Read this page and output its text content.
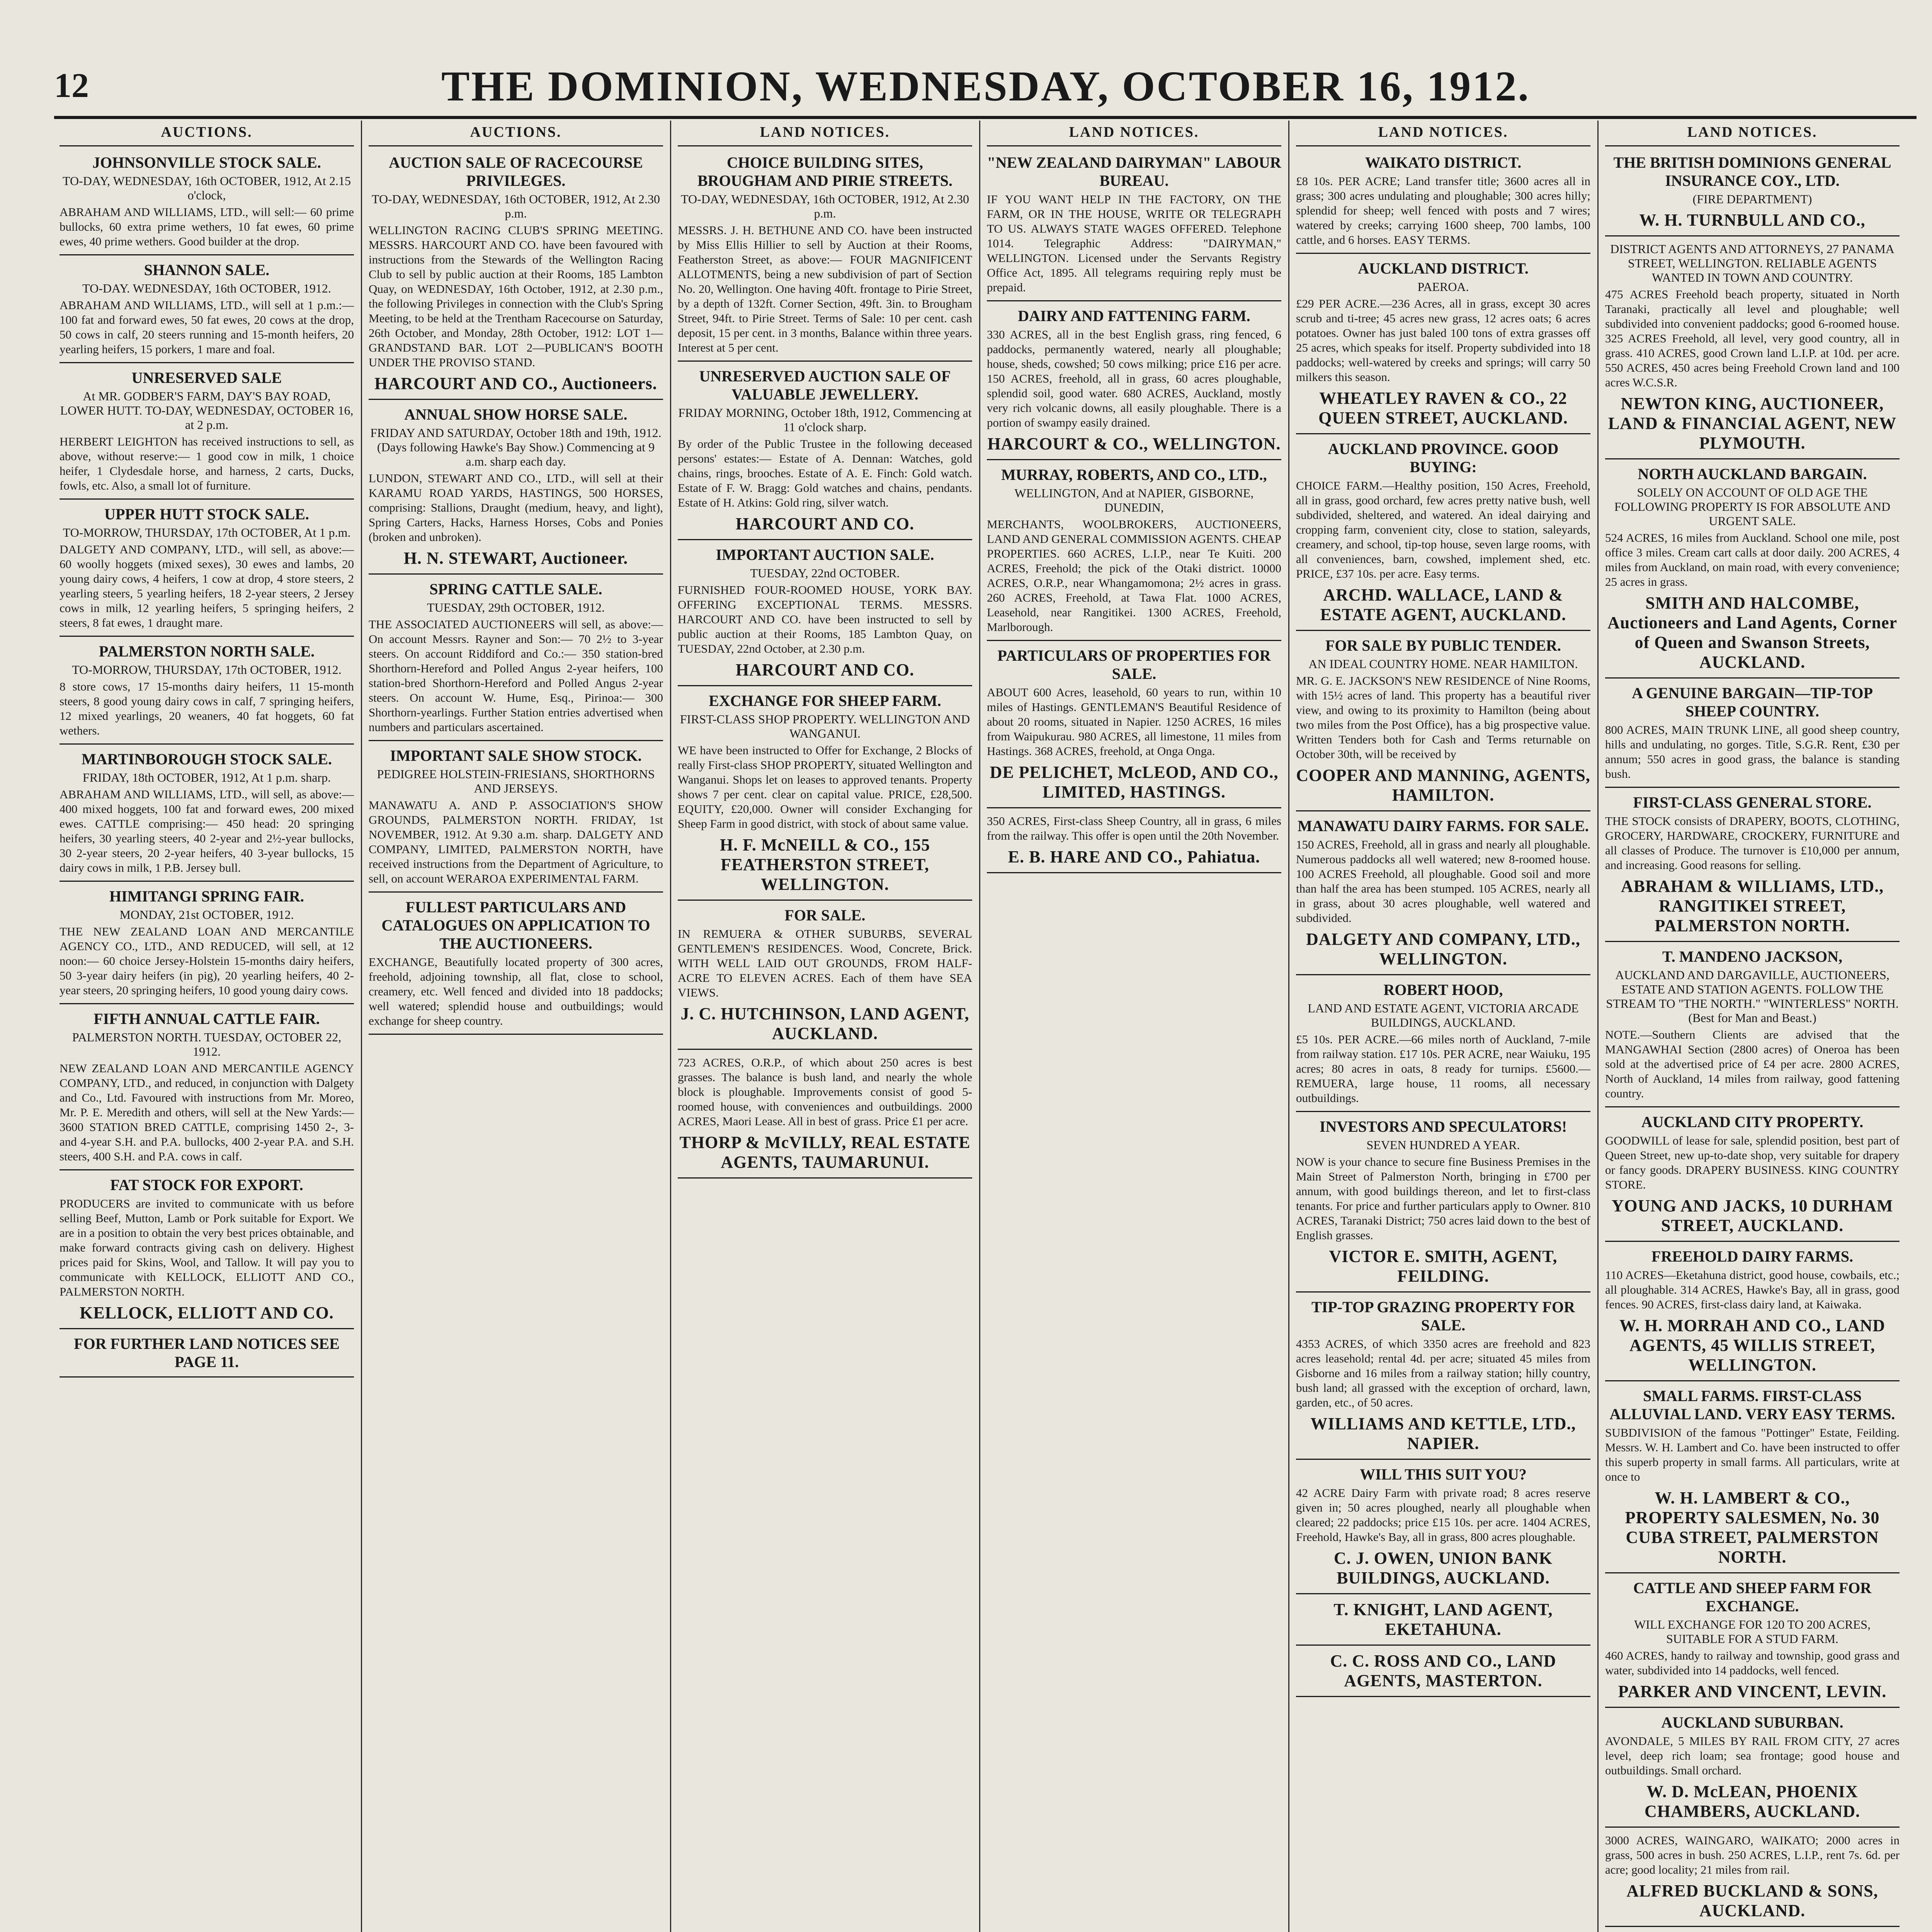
12	THE DOMINION, WEDNESDAY, OCTOBER 16, 1912.
AUCTIONS.
JOHNSONVILLE STOCK SALE.
TO-DAY, WEDNESDAY, 16th OCTOBER, 1912, At 2.15 o'clock,
ABRAHAM AND WILLIAMS, LTD., will sell:— 60 prime bullocks, 60 extra prime wethers, 10 fat ewes, 60 prime ewes, 40 prime wethers. Good builder at the drop.
SHANNON SALE.
TO-DAY. WEDNESDAY, 16th OCTOBER, 1912.
ABRAHAM AND WILLIAMS, LTD., will sell at 1 p.m.:— 100 fat and forward ewes, 50 fat ewes, 20 cows at the drop, 50 cows in calf, 20 steers running and 15-month heifers, 20 yearling heifers, 15 porkers, 1 mare and foal.
UNRESERVED SALE
At MR. GODBER'S FARM, DAY'S BAY ROAD, LOWER HUTT. TO-DAY, WEDNESDAY, OCTOBER 16, at 2 p.m.
HERBERT LEIGHTON has received instructions to sell, as above, without reserve:— 1 good cow in milk, 1 choice heifer, 1 Clydesdale horse, and harness, 2 carts, Ducks, fowls, etc. Also, a small lot of furniture.
UPPER HUTT STOCK SALE.
TO-MORROW, THURSDAY, 17th OCTOBER, At 1 p.m.
DALGETY AND COMPANY, LTD., will sell, as above:— 60 woolly hoggets (mixed sexes), 30 ewes and lambs, 20 young dairy cows, 4 heifers, 1 cow at drop, 4 store steers, 2 yearling steers, 5 yearling heifers, 18 2-year steers, 2 Jersey cows in milk, 12 yearling heifers, 5 springing heifers, 2 steers, 8 fat ewes, 1 draught mare.
PALMERSTON NORTH SALE.
TO-MORROW, THURSDAY, 17th OCTOBER, 1912.
8 store cows, 17 15-months dairy heifers, 11 15-month steers, 8 good young dairy cows in calf, 7 springing heifers, 12 mixed yearlings, 20 weaners, 40 fat hoggets, 60 fat wethers.
MARTINBOROUGH STOCK SALE.
FRIDAY, 18th OCTOBER, 1912, At 1 p.m. sharp.
ABRAHAM AND WILLIAMS, LTD., will sell, as above:— 400 mixed hoggets, 100 fat and forward ewes, 200 mixed ewes. CATTLE comprising:— 450 head: 20 springing heifers, 30 yearling steers, 40 2-year and 2½-year bullocks, 30 2-year steers, 20 2-year heifers, 40 3-year bullocks, 15 dairy cows in milk, 1 P.B. Jersey bull.
HIMITANGI SPRING FAIR.
MONDAY, 21st OCTOBER, 1912.
THE NEW ZEALAND LOAN AND MERCANTILE AGENCY CO., LTD., AND REDUCED, will sell, at 12 noon:— 60 choice Jersey-Holstein 15-months dairy heifers, 50 3-year dairy heifers (in pig), 20 yearling heifers, 40 2-year steers, 20 springing heifers, 10 good young dairy cows.
FIFTH ANNUAL CATTLE FAIR.
PALMERSTON NORTH. TUESDAY, OCTOBER 22, 1912.
NEW ZEALAND LOAN AND MERCANTILE AGENCY COMPANY, LTD., and reduced, in conjunction with Dalgety and Co., Ltd. Favoured with instructions from Mr. Moreo, Mr. P. E. Meredith and others, will sell at the New Yards:— 3600 STATION BRED CATTLE, comprising 1450 2-, 3- and 4-year S.H. and P.A. bullocks, 400 2-year P.A. and S.H. steers, 400 S.H. and P.A. cows in calf.
FAT STOCK FOR EXPORT.
PRODUCERS are invited to communicate with us before selling Beef, Mutton, Lamb or Pork suitable for Export. We are in a position to obtain the very best prices obtainable, and make forward contracts giving cash on delivery. Highest prices paid for Skins, Wool, and Tallow. It will pay you to communicate with KELLOCK, ELLIOTT AND CO., PALMERSTON NORTH.
KELLOCK, ELLIOTT AND CO.
FOR FURTHER LAND NOTICES SEE PAGE 11.
AUCTIONS.
AUCTION SALE OF RACECOURSE PRIVILEGES.
TO-DAY, WEDNESDAY, 16th OCTOBER, 1912, At 2.30 p.m.
WELLINGTON RACING CLUB'S SPRING MEETING. MESSRS. HARCOURT AND CO. have been favoured with instructions from the Stewards of the Wellington Racing Club to sell by public auction at their Rooms, 185 Lambton Quay, on WEDNESDAY, 16th October, 1912, at 2.30 p.m., the following Privileges in connection with the Club's Spring Meeting, to be held at the Trentham Racecourse on Saturday, 26th October, and Monday, 28th October, 1912: LOT 1—GRANDSTAND BAR. LOT 2—PUBLICAN'S BOOTH UNDER THE PROVISO STAND.
HARCOURT AND CO., Auctioneers.
ANNUAL SHOW HORSE SALE.
FRIDAY AND SATURDAY, October 18th and 19th, 1912. (Days following Hawke's Bay Show.) Commencing at 9 a.m. sharp each day.
LUNDON, STEWART AND CO., LTD., will sell at their KARAMU ROAD YARDS, HASTINGS, 500 HORSES, comprising: Stallions, Draught (medium, heavy, and light), Spring Carters, Hacks, Harness Horses, Cobs and Ponies (broken and unbroken).
H. N. STEWART, Auctioneer.
SPRING CATTLE SALE.
TUESDAY, 29th OCTOBER, 1912.
THE ASSOCIATED AUCTIONEERS will sell, as above:— On account Messrs. Rayner and Son:— 70 2½ to 3-year steers. On account Riddiford and Co.:— 350 station-bred Shorthorn-Hereford and Polled Angus 2-year heifers, 100 station-bred Shorthorn-Hereford and Polled Angus 2-year steers. On account W. Hume, Esq., Pirinoa:— 300 Shorthorn-yearlings. Further Station entries advertised when numbers and particulars ascertained.
IMPORTANT SALE SHOW STOCK.
PEDIGREE HOLSTEIN-FRIESIANS, SHORTHORNS AND JERSEYS.
MANAWATU A. AND P. ASSOCIATION'S SHOW GROUNDS, PALMERSTON NORTH. FRIDAY, 1st NOVEMBER, 1912. At 9.30 a.m. sharp. DALGETY AND COMPANY, LIMITED, PALMERSTON NORTH, have received instructions from the Department of Agriculture, to sell, on account WERAROA EXPERIMENTAL FARM.
FULLEST PARTICULARS AND CATALOGUES ON APPLICATION TO THE AUCTIONEERS.
EXCHANGE, Beautifully located property of 300 acres, freehold, adjoining township, all flat, close to school, creamery, etc. Well fenced and divided into 18 paddocks; well watered; splendid house and outbuildings; would exchange for sheep country.
LAND NOTICES.
CHOICE BUILDING SITES, BROUGHAM AND PIRIE STREETS.
TO-DAY, WEDNESDAY, 16th OCTOBER, 1912, At 2.30 p.m.
MESSRS. J. H. BETHUNE AND CO. have been instructed by Miss Ellis Hillier to sell by Auction at their Rooms, Featherston Street, as above:— FOUR MAGNIFICENT ALLOTMENTS, being a new subdivision of part of Section No. 20, Wellington. One having 40ft. frontage to Pirie Street, by a depth of 132ft. Corner Section, 49ft. 3in. to Brougham Street, 94ft. to Pirie Street. Terms of Sale: 10 per cent. cash deposit, 15 per cent. in 3 months, Balance within three years. Interest at 5 per cent.
UNRESERVED AUCTION SALE OF VALUABLE JEWELLERY.
FRIDAY MORNING, October 18th, 1912, Commencing at 11 o'clock sharp.
By order of the Public Trustee in the following deceased persons' estates:— Estate of A. Dennan: Watches, gold chains, rings, brooches. Estate of A. E. Finch: Gold watch. Estate of F. W. Bragg: Gold watches and chains, pendants. Estate of H. Atkins: Gold ring, silver watch.
HARCOURT AND CO.
IMPORTANT AUCTION SALE.
TUESDAY, 22nd OCTOBER.
FURNISHED FOUR-ROOMED HOUSE, YORK BAY. OFFERING EXCEPTIONAL TERMS. MESSRS. HARCOURT AND CO. have been instructed to sell by public auction at their Rooms, 185 Lambton Quay, on TUESDAY, 22nd October, at 2.30 p.m.
HARCOURT AND CO.
EXCHANGE FOR SHEEP FARM.
FIRST-CLASS SHOP PROPERTY. WELLINGTON AND WANGANUI.
WE have been instructed to Offer for Exchange, 2 Blocks of really First-class SHOP PROPERTY, situated Wellington and Wanganui. Shops let on leases to approved tenants. Property shows 7 per cent. clear on capital value. PRICE, £28,500. EQUITY, £20,000. Owner will consider Exchanging for Sheep Farm in good district, with stock of about same value.
H. F. McNEILL & CO., 155 FEATHERSTON STREET, WELLINGTON.
FOR SALE.
IN REMUERA & OTHER SUBURBS, SEVERAL GENTLEMEN'S RESIDENCES. Wood, Concrete, Brick. WITH WELL LAID OUT GROUNDS, FROM HALF-ACRE TO ELEVEN ACRES. Each of them have SEA VIEWS.
J. C. HUTCHINSON, LAND AGENT, AUCKLAND.
723 ACRES, O.R.P., of which about 250 acres is best grasses. The balance is bush land, and nearly the whole block is ploughable. Improvements consist of good 5-roomed house, with conveniences and outbuildings. 2000 ACRES, Maori Lease. All in best of grass. Price £1 per acre.
THORP & McVILLY, REAL ESTATE AGENTS, TAUMARUNUI.
LAND NOTICES.
"NEW ZEALAND DAIRYMAN" LABOUR BUREAU.
IF YOU WANT HELP IN THE FACTORY, ON THE FARM, OR IN THE HOUSE, WRITE OR TELEGRAPH TO US. ALWAYS STATE WAGES OFFERED. Telephone 1014. Telegraphic Address: "DAIRYMAN," WELLINGTON. Licensed under the Servants Registry Office Act, 1895. All telegrams requiring reply must be prepaid.
DAIRY AND FATTENING FARM.
330 ACRES, all in the best English grass, ring fenced, 6 paddocks, permanently watered, nearly all ploughable; house, sheds, cowshed; 50 cows milking; price £16 per acre. 150 ACRES, freehold, all in grass, 60 acres ploughable, splendid soil, good water. 680 ACRES, Auckland, mostly very rich volcanic downs, all easily ploughable. There is a portion of swampy easily drained.
HARCOURT & CO., WELLINGTON.
MURRAY, ROBERTS, AND CO., LTD.,
WELLINGTON, And at NAPIER, GISBORNE, DUNEDIN,
MERCHANTS, WOOLBROKERS, AUCTIONEERS, LAND AND GENERAL COMMISSION AGENTS. CHEAP PROPERTIES. 660 ACRES, L.I.P., near Te Kuiti. 200 ACRES, Freehold; the pick of the Otaki district. 10000 ACRES, O.R.P., near Whangamomona; 2½ acres in grass. 260 ACRES, Freehold, at Tawa Flat. 1000 ACRES, Leasehold, near Rangitikei. 1300 ACRES, Freehold, Marlborough.
PARTICULARS OF PROPERTIES FOR SALE.
ABOUT 600 Acres, leasehold, 60 years to run, within 10 miles of Hastings. GENTLEMAN'S Beautiful Residence of about 20 rooms, situated in Napier. 1250 ACRES, 16 miles from Waipukurau. 980 ACRES, all limestone, 11 miles from Hastings. 368 ACRES, freehold, at Onga Onga.
DE PELICHET, McLEOD, AND CO., LIMITED, HASTINGS.
350 ACRES, First-class Sheep Country, all in grass, 6 miles from the railway. This offer is open until the 20th November.
E. B. HARE AND CO., Pahiatua.
LAND NOTICES.
WAIKATO DISTRICT.
£8 10s. PER ACRE; Land transfer title; 3600 acres all in grass; 300 acres undulating and ploughable; 300 acres hilly; splendid for sheep; well fenced with posts and 7 wires; watered by creeks; carrying 1600 sheep, 700 lambs, 100 cattle, and 6 horses. EASY TERMS.
AUCKLAND DISTRICT.
PAEROA.
£29 PER ACRE.—236 Acres, all in grass, except 30 acres scrub and ti-tree; 45 acres new grass, 12 acres oats; 6 acres potatoes. Owner has just baled 100 tons of extra grasses off 25 acres, which speaks for itself. Property subdivided into 18 paddocks; well-watered by creeks and springs; will carry 50 milkers this season.
WHEATLEY RAVEN & CO., 22 QUEEN STREET, AUCKLAND.
AUCKLAND PROVINCE. GOOD BUYING:
CHOICE FARM.—Healthy position, 150 Acres, Freehold, all in grass, good orchard, few acres pretty native bush, well subdivided, sheltered, and watered. An ideal dairying and cropping farm, convenient city, close to station, saleyards, creamery, and school, tip-top house, seven large rooms, with all conveniences, barn, cowshed, implement shed, etc. PRICE, £37 10s. per acre. Easy terms.
ARCHD. WALLACE, LAND & ESTATE AGENT, AUCKLAND.
FOR SALE BY PUBLIC TENDER.
AN IDEAL COUNTRY HOME. NEAR HAMILTON.
MR. G. E. JACKSON'S NEW RESIDENCE of Nine Rooms, with 15½ acres of land. This property has a beautiful river view, and owing to its proximity to Hamilton (being about two miles from the Post Office), has a big prospective value. Written Tenders both for Cash and Terms returnable on October 30th, will be received by
COOPER AND MANNING, AGENTS, HAMILTON.
MANAWATU DAIRY FARMS. FOR SALE.
150 ACRES, Freehold, all in grass and nearly all ploughable. Numerous paddocks all well watered; new 8-roomed house. 100 ACRES Freehold, all ploughable. Good soil and more than half the area has been stumped. 105 ACRES, nearly all in grass, about 30 acres ploughable, well watered and subdivided.
DALGETY AND COMPANY, LTD., WELLINGTON.
ROBERT HOOD,
LAND AND ESTATE AGENT, VICTORIA ARCADE BUILDINGS, AUCKLAND.
£5 10s. PER ACRE.—66 miles north of Auckland, 7-mile from railway station. £17 10s. PER ACRE, near Waiuku, 195 acres; 80 acres in oats, 8 ready for turnips. £5600.—REMUERA, large house, 11 rooms, all necessary outbuildings.
INVESTORS AND SPECULATORS!
SEVEN HUNDRED A YEAR.
NOW is your chance to secure fine Business Premises in the Main Street of Palmerston North, bringing in £700 per annum, with good buildings thereon, and let to first-class tenants. For price and further particulars apply to Owner. 810 ACRES, Taranaki District; 750 acres laid down to the best of English grasses.
VICTOR E. SMITH, AGENT, FEILDING.
TIP-TOP GRAZING PROPERTY FOR SALE.
4353 ACRES, of which 3350 acres are freehold and 823 acres leasehold; rental 4d. per acre; situated 45 miles from Gisborne and 16 miles from a railway station; hilly country, bush land; all grassed with the exception of orchard, lawn, garden, etc., of 50 acres.
WILLIAMS AND KETTLE, LTD., NAPIER.
WILL THIS SUIT YOU?
42 ACRE Dairy Farm with private road; 8 acres reserve given in; 50 acres ploughed, nearly all ploughable when cleared; 22 paddocks; price £15 10s. per acre. 1404 ACRES, Freehold, Hawke's Bay, all in grass, 800 acres ploughable.
C. J. OWEN, UNION BANK BUILDINGS, AUCKLAND.
T. KNIGHT, LAND AGENT, EKETAHUNA.
C. C. ROSS AND CO., LAND AGENTS, MASTERTON.
LAND NOTICES.
THE BRITISH DOMINIONS GENERAL INSURANCE COY., LTD.
(FIRE DEPARTMENT)
W. H. TURNBULL AND CO.,
DISTRICT AGENTS AND ATTORNEYS, 27 PANAMA STREET, WELLINGTON. RELIABLE AGENTS WANTED IN TOWN AND COUNTRY.
475 ACRES Freehold beach property, situated in North Taranaki, practically all level and ploughable; well subdivided into convenient paddocks; good 6-roomed house. 325 ACRES Freehold, all level, very good country, all in grass. 410 ACRES, good Crown land L.I.P. at 10d. per acre. 550 ACRES, 450 acres being Freehold Crown land and 100 acres W.C.S.R.
NEWTON KING, AUCTIONEER, LAND & FINANCIAL AGENT, NEW PLYMOUTH.
NORTH AUCKLAND BARGAIN.
SOLELY ON ACCOUNT OF OLD AGE THE FOLLOWING PROPERTY IS FOR ABSOLUTE AND URGENT SALE.
524 ACRES, 16 miles from Auckland. School one mile, post office 3 miles. Cream cart calls at door daily. 200 ACRES, 4 miles from Auckland, on main road, with every convenience; 25 acres in grass.
SMITH AND HALCOMBE, Auctioneers and Land Agents, Corner of Queen and Swanson Streets, AUCKLAND.
A GENUINE BARGAIN—TIP-TOP SHEEP COUNTRY.
800 ACRES, MAIN TRUNK LINE, all good sheep country, hills and undulating, no gorges. Title, S.G.R. Rent, £30 per annum; 550 acres in good grass, the balance is standing bush.
FIRST-CLASS GENERAL STORE.
THE STOCK consists of DRAPERY, BOOTS, CLOTHING, GROCERY, HARDWARE, CROCKERY, FURNITURE and all classes of Produce. The turnover is £10,000 per annum, and increasing. Good reasons for selling.
ABRAHAM & WILLIAMS, LTD., RANGITIKEI STREET, PALMERSTON NORTH.
T. MANDENO JACKSON,
AUCKLAND AND DARGAVILLE, AUCTIONEERS, ESTATE AND STATION AGENTS. FOLLOW THE STREAM TO "THE NORTH." "WINTERLESS" NORTH. (Best for Man and Beast.)
NOTE.—Southern Clients are advised that the MANGAWHAI Section (2800 acres) of Oneroa has been sold at the advertised price of £4 per acre. 2800 ACRES, North of Auckland, 14 miles from railway, good fattening country.
AUCKLAND CITY PROPERTY.
GOODWILL of lease for sale, splendid position, best part of Queen Street, new up-to-date shop, very suitable for drapery or fancy goods. DRAPERY BUSINESS. KING COUNTRY STORE.
YOUNG AND JACKS, 10 DURHAM STREET, AUCKLAND.
FREEHOLD DAIRY FARMS.
110 ACRES—Eketahuna district, good house, cowbails, etc.; all ploughable. 314 ACRES, Hawke's Bay, all in grass, good fences. 90 ACRES, first-class dairy land, at Kaiwaka.
W. H. MORRAH AND CO., LAND AGENTS, 45 WILLIS STREET, WELLINGTON.
SMALL FARMS. FIRST-CLASS ALLUVIAL LAND. VERY EASY TERMS.
SUBDIVISION of the famous "Pottinger" Estate, Feilding. Messrs. W. H. Lambert and Co. have been instructed to offer this superb property in small farms. All particulars, write at once to
W. H. LAMBERT & CO., PROPERTY SALESMEN, No. 30 CUBA STREET, PALMERSTON NORTH.
CATTLE AND SHEEP FARM FOR EXCHANGE.
WILL EXCHANGE FOR 120 TO 200 ACRES, SUITABLE FOR A STUD FARM.
460 ACRES, handy to railway and township, good grass and water, subdivided into 14 paddocks, well fenced.
PARKER AND VINCENT, LEVIN.
AUCKLAND SUBURBAN.
AVONDALE, 5 MILES BY RAIL FROM CITY, 27 acres level, deep rich loam; sea frontage; good house and outbuildings. Small orchard.
W. D. McLEAN, PHOENIX CHAMBERS, AUCKLAND.
3000 ACRES, WAINGARO, WAIKATO; 2000 acres in grass, 500 acres in bush. 250 ACRES, L.I.P., rent 7s. 6d. per acre; good locality; 21 miles from rail.
ALFRED BUCKLAND & SONS, AUCKLAND.
